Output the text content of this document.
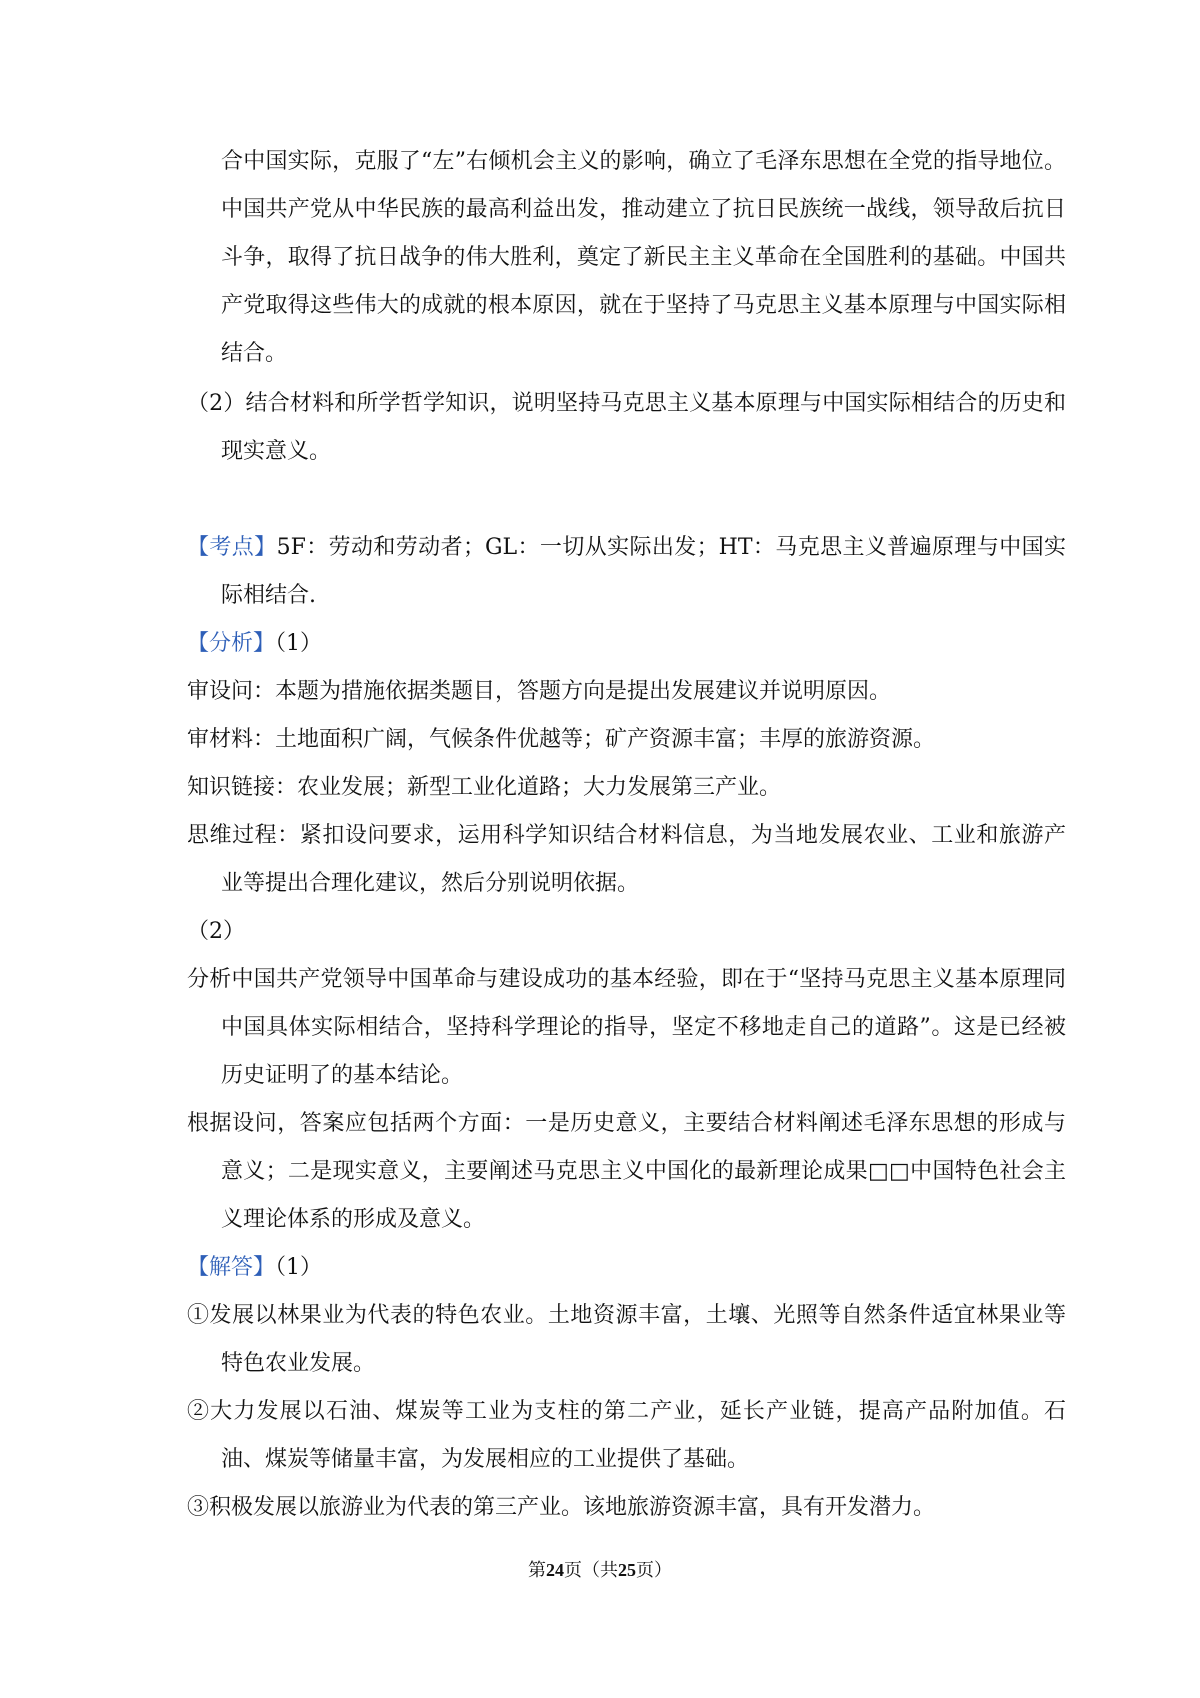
合中国实际，克服了“左”右倾机会主义的影响，确立了毛泽东思想在全党的指导地位。中国共产党从中华民族的最高利益出发，推动建立了抗日民族统一战线，领导敌后抗日斗争，取得了抗日战争的伟大胜利，奠定了新民主主义革命在全国胜利的基础。中国共产党取得这些伟大的成就的根本原因，就在于坚持了马克思主义基本原理与中国实际相结合。

（2）结合材料和所学哲学知识，说明坚持马克思主义基本原理与中国实际相结合的历史和现实意义。

【考点】5F：劳动和劳动者；GL：一切从实际出发；HT：马克思主义普遍原理与中国实际相结合.

【分析】（1）

审设问：本题为措施依据类题目，答题方向是提出发展建议并说明原因。

审材料：土地面积广阔，气候条件优越等；矿产资源丰富；丰厚的旅游资源。

知识链接：农业发展；新型工业化道路；大力发展第三产业。

思维过程：紧扣设问要求，运用科学知识结合材料信息，为当地发展农业、工业和旅游产业等提出合理化建议，然后分别说明依据。

（2）

分析中国共产党领导中国革命与建设成功的基本经验，即在于“坚持马克思主义基本原理同中国具体实际相结合，坚持科学理论的指导，坚定不移地走自己的道路”。这是已经被历史证明了的基本结论。

根据设问，答案应包括两个方面：一是历史意义，主要结合材料阐述毛泽东思想的形成与意义；二是现实意义，主要阐述马克思主义中国化的最新理论成果□□中国特色社会主义理论体系的形成及意义。

【解答】（1）

①发展以林果业为代表的特色农业。土地资源丰富，土壤、光照等自然条件适宜林果业等特色农业发展。

②大力发展以石油、煤炭等工业为支柱的第二产业，延长产业链，提高产品附加值。石油、煤炭等储量丰富，为发展相应的工业提供了基础。

③积极发展以旅游业为代表的第三产业。该地旅游资源丰富，具有开发潜力。

第24页（共25页）
